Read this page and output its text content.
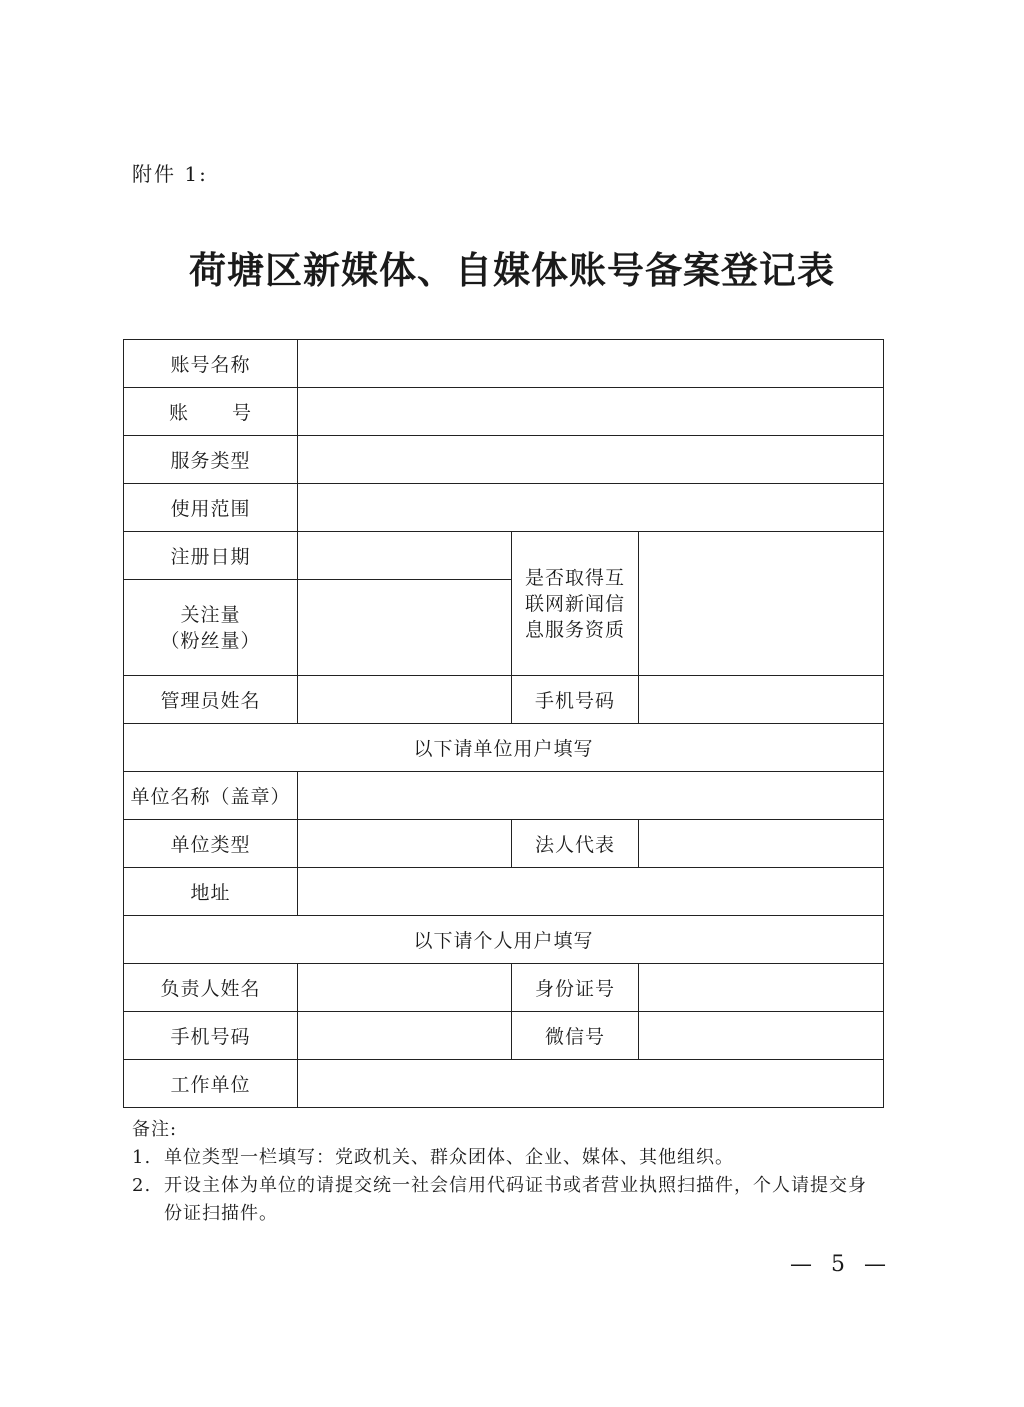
附件 1:
荷塘区新媒体、自媒体账号备案登记表
账号名称			
账 号			
服务类型			
使用范围			
注册日期		是否取得互
联网新闻信
息服务资质	

关注量
（粉丝量）			

管理员姓名		手机号码	
以下请单位用户填写			
单位名称（盖章）			
单位类型		法人代表	
地址			
以下请个人用户填写			
负责人姓名		身份证号	
手机号码		微信号	
工作单位			
备注:
1. 单位类型一栏填写：党政机关、群众团体、企业、媒体、其他组织。
2. 开设主体为单位的请提交统一社会信用代码证书或者营业执照扫描件，个人请提交身份证扫描件。
— 5 —
